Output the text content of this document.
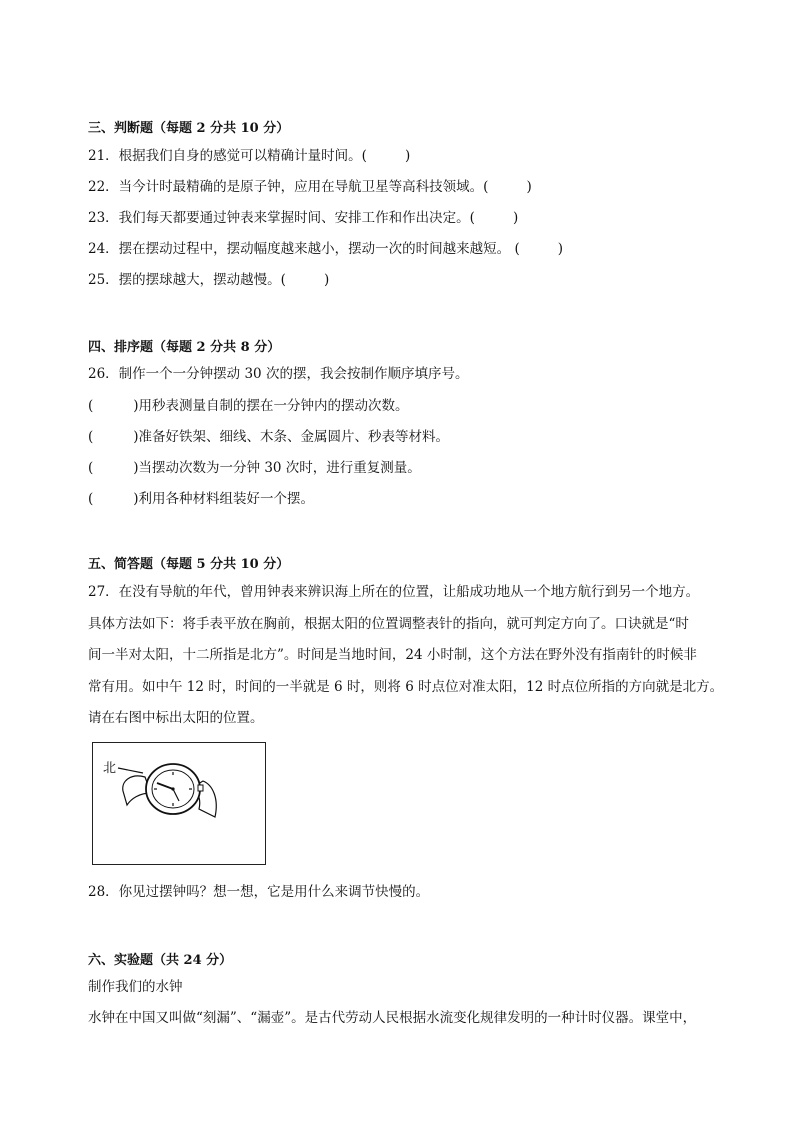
三、判断题（每题 2 分共 10 分）
21．根据我们自身的感觉可以精确计量时间。(	)
22．当今计时最精确的是原子钟，应用在导航卫星等高科技领域。(	)
23．我们每天都要通过钟表来掌握时间、安排工作和作出决定。(	)
24．摆在摆动过程中，摆动幅度越来越小，摆动一次的时间越来越短。 (	)
25．摆的摆球越大，摆动越慢。(	)
四、排序题（每题 2 分共 8 分）
26．制作一个一分钟摆动 30 次的摆，我会按制作顺序填序号。
(	)用秒表测量自制的摆在一分钟内的摆动次数。
(	)准备好铁架、细线、木条、金属圆片、秒表等材料。
(	)当摆动次数为一分钟 30 次时，进行重复测量。
(	)利用各种材料组装好一个摆。
五、简答题（每题 5 分共 10 分）
27．在没有导航的年代，曾用钟表来辨识海上所在的位置，让船成功地从一个地方航行到另一个地方。
具体方法如下：将手表平放在胸前，根据太阳的位置调整表针的指向，就可判定方向了。口诀就是“时
间一半对太阳，十二所指是北方”。时间是当地时间，24 小时制，这个方法在野外没有指南针的时候非
常有用。如中午 12 时，时间的一半就是 6 时，则将 6 时点位对准太阳，12 时点位所指的方向就是北方。
请在右图中标出太阳的位置。
北
28．你见过摆钟吗？想一想，它是用什么来调节快慢的。
六、实验题（共 24 分）
制作我们的水钟
水钟在中国又叫做“刻漏”、“漏壶”。是古代劳动人民根据水流变化规律发明的一种计时仪器。课堂中，
